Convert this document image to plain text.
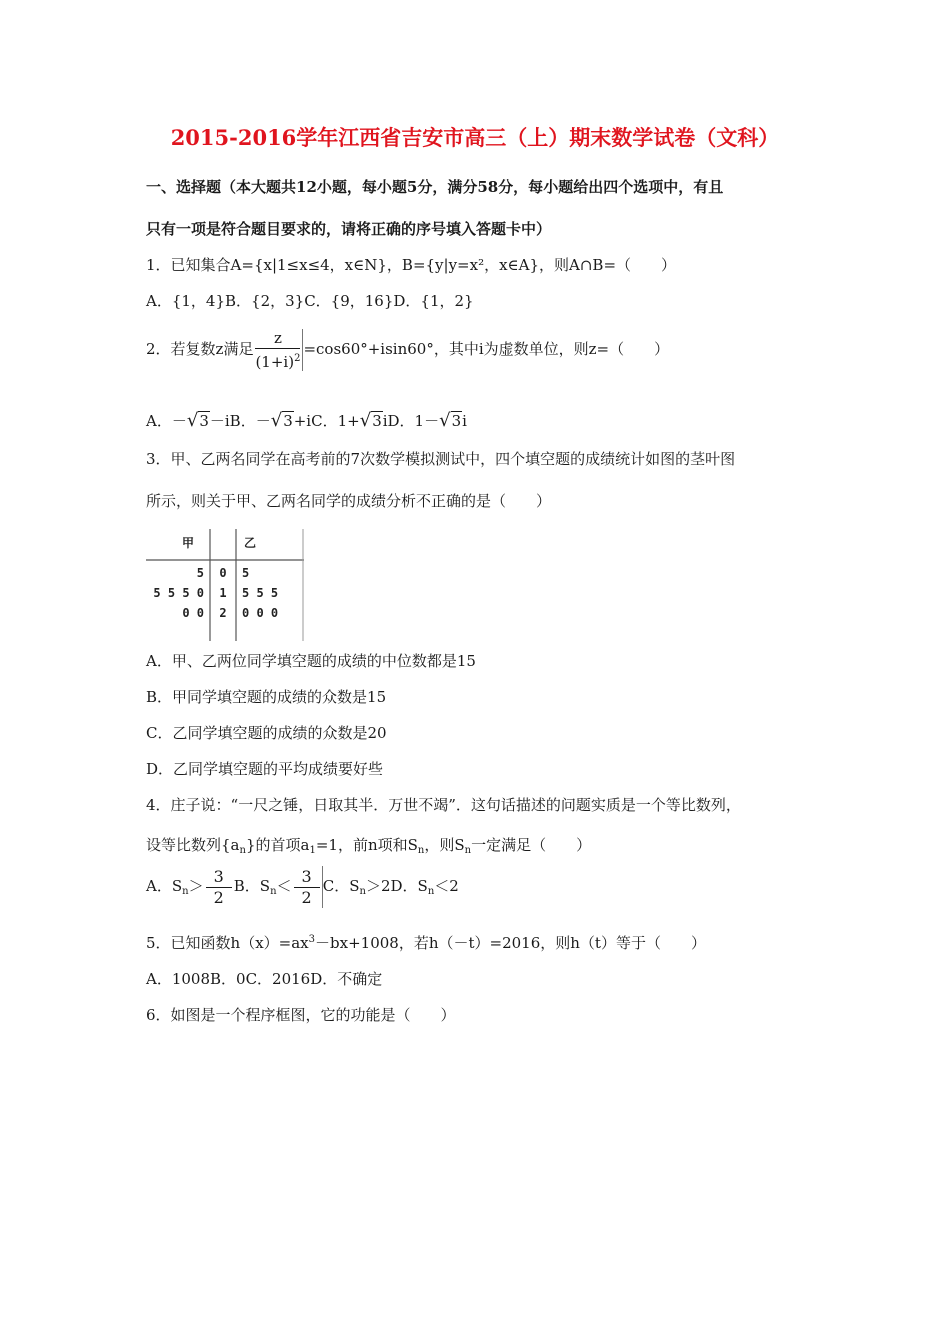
2015-2016学年江西省吉安市高三（上）期末数学试卷（文科）
一、选择题（本大题共12小题，每小题5分，满分58分，每小题给出四个选项中，有且
只有一项是符合题目要求的，请将正确的序号填入答题卡中）
1．已知集合A={x|1≤x≤4，x∈N}，B={y|y=x²，x∈A}，则A∩B=（　　）
A．{1，4}B．{2，3}C．{9，16}D．{1，2}
2．若复数z满足 $\frac{z}{(1+i)^2} =\cos 60^\circ+isin60^\circ$，其中i为虚数单位，则z=（　　）
A．－√3－iB．－√3+iC．1+√3iD．1－√3i
3．甲、乙两名同学在高考前的7次数学模拟测试中，四个填空题的成绩统计如图的茎叶图
所示，则关于甲、乙两名同学的成绩分析不正确的是（　　）
甲	乙
5 0 5
5 5 5 0 1 5 5 5
0 0 2 0 0 0
A．甲、乙两位同学填空题的成绩的中位数都是15
B．甲同学填空题的成绩的众数是15
C．乙同学填空题的成绩的众数是20
D．乙同学填空题的平均成绩要好些
4．庄子说：“一尺之锤，日取其半．万世不竭”．这句话描述的问题实质是一个等比数列，
设等比数列$\{a_n\}$的首项$a_1=1$，前n项和$S_n$，则$S_n$一定满足（　　）
A．$S_n> \frac{3}{2}$ B．$S_n< \frac{3}{2}$ C．$S_n>2D$．$S_n<2$
5．已知函数$h(x)=ax^3-bx+1008$，若h（－t）=2016，则h（t）等于（　　）
A．1008B．0C．2016D．不确定
6．如图是一个程序框图，它的功能是（　　）
